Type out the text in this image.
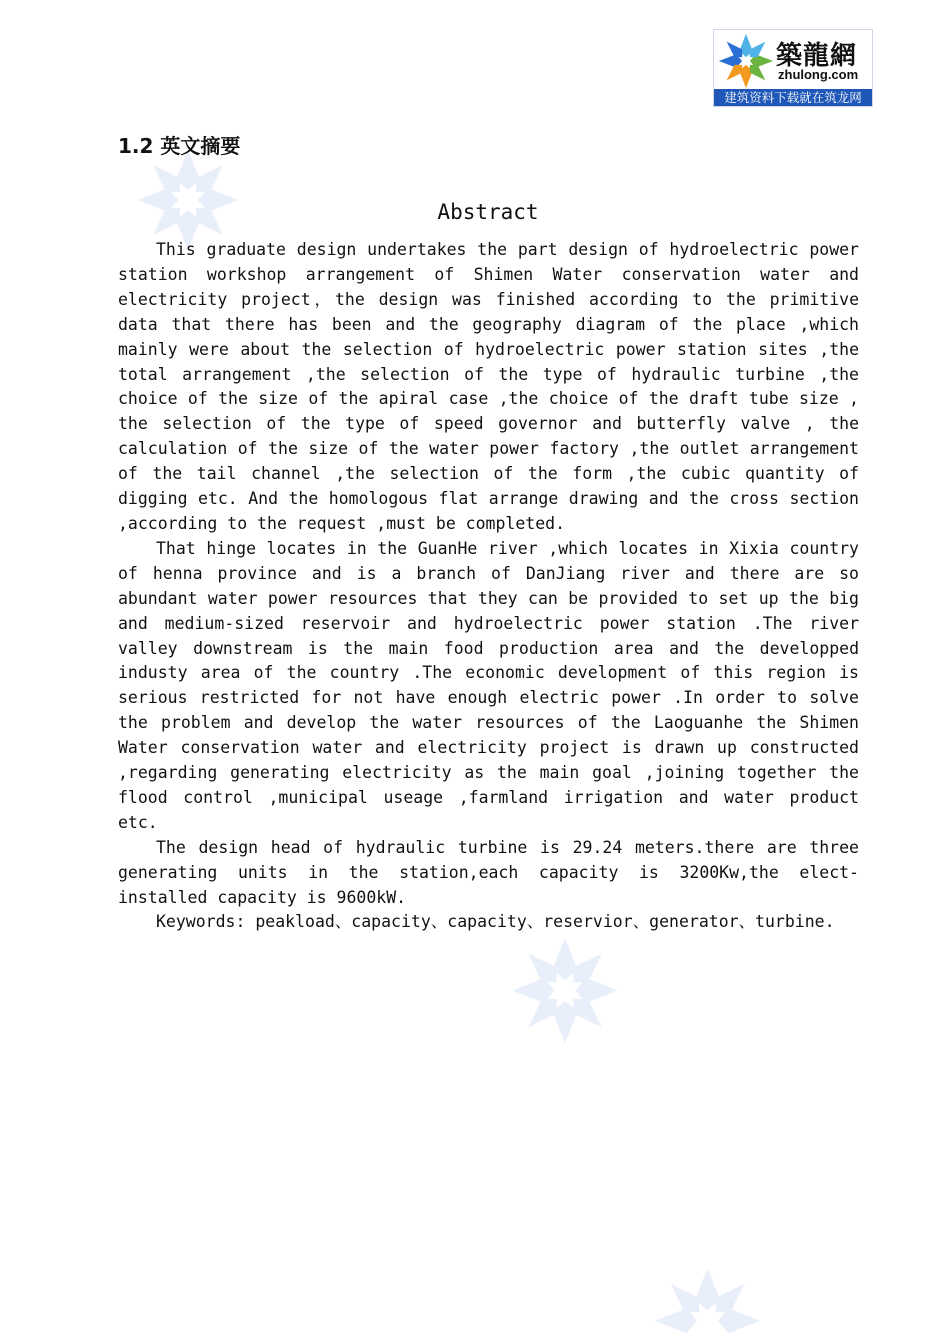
築龍網
zhulong.com
建筑资料下载就在筑龙网
1.2 英文摘要
Abstract

This graduate design undertakes the part design of hydroelectric power station workshop arrangement of Shimen Water conservation water and electricity project，the design was finished according to the primitive data that there has been and the geography diagram of the place ,which mainly were about the selection of hydroelectric power station sites ,the total arrangement ,the selection of the type of hydraulic turbine ,the choice of the size of the apiral case ,the choice of the draft tube size , the selection of the type of speed governor and butterfly valve , the calculation of the size of the water power factory ,the outlet arrangement of the tail channel ,the selection of the form ,the cubic quantity of digging etc. And the homologous flat arrange drawing and the cross section ,according to the request ,must be completed.

That hinge locates in the GuanHe river ,which locates in Xixia country of henna province and is a branch of DanJiang river and there are so abundant water power resources that they can be provided to set up the big and medium-sized reservoir and hydroelectric power station .The river valley downstream is the main food production area and the developped industy area of the country .The economic development of this region is serious restricted for not have enough electric power .In order to solve the problem and develop the water resources of the Laoguanhe the Shimen Water conservation water and electricity project is drawn up constructed ,regarding generating electricity as the main goal ,joining together the flood control ,municipal useage ,farmland irrigation and water product etc.

The design head of hydraulic turbine is 29.24 meters.there are three generating units in the station,each capacity is 3200Kw,the elect-installed capacity is 9600kW.

Keywords: peakload、capacity、capacity、reservior、generator、turbine.
